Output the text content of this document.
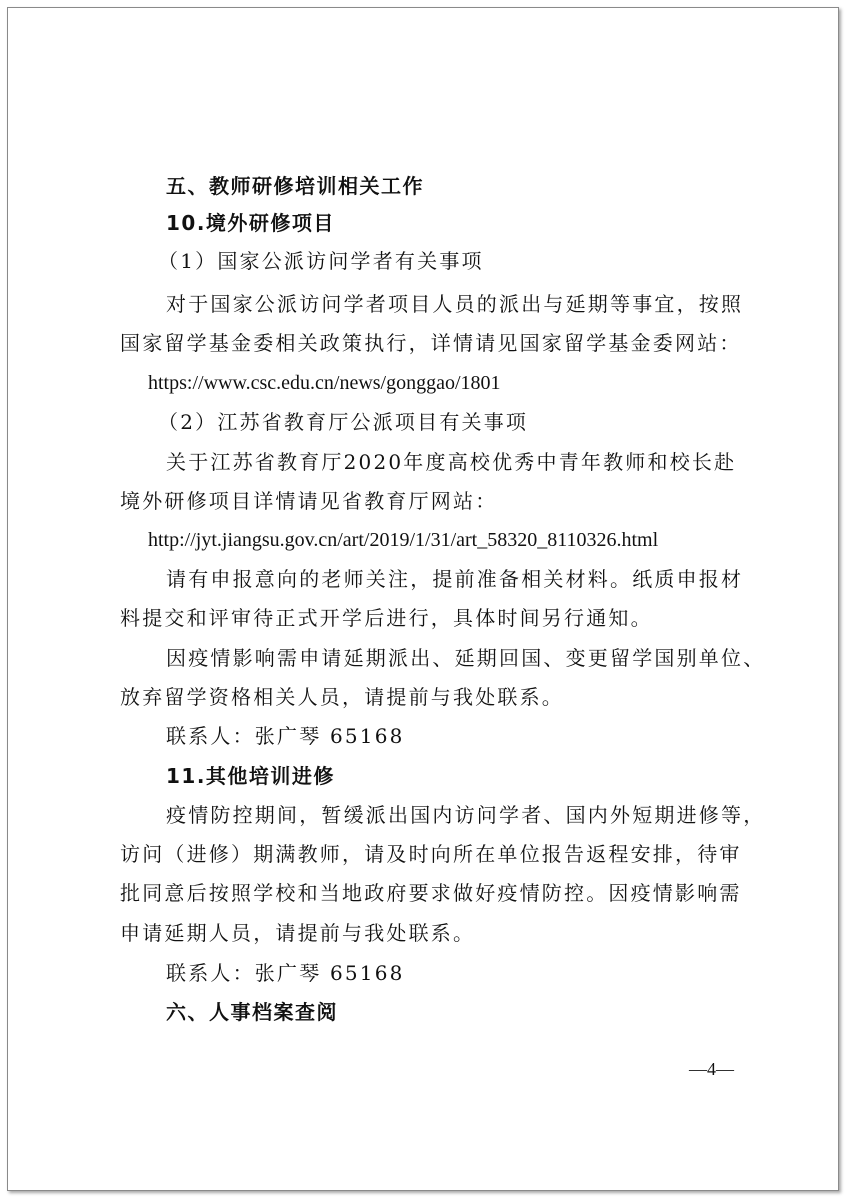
五、教师研修培训相关工作
10.境外研修项目
（1）国家公派访问学者有关事项
对于国家公派访问学者项目人员的派出与延期等事宜，按照
国家留学基金委相关政策执行，详情请见国家留学基金委网站：
https://www.csc.edu.cn/news/gonggao/1801
（2）江苏省教育厅公派项目有关事项
关于江苏省教育厅2020年度高校优秀中青年教师和校长赴
境外研修项目详情请见省教育厅网站：
http://jyt.jiangsu.gov.cn/art/2019/1/31/art_58320_8110326.html
请有申报意向的老师关注，提前准备相关材料。纸质申报材
料提交和评审待正式开学后进行，具体时间另行通知。
因疫情影响需申请延期派出、延期回国、变更留学国别单位、
放弃留学资格相关人员，请提前与我处联系。
联系人：张广琴 65168
11.其他培训进修
疫情防控期间，暂缓派出国内访问学者、国内外短期进修等，
访问（进修）期满教师，请及时向所在单位报告返程安排，待审
批同意后按照学校和当地政府要求做好疫情防控。因疫情影响需
申请延期人员，请提前与我处联系。
联系人：张广琴 65168
六、人事档案查阅
—4—
